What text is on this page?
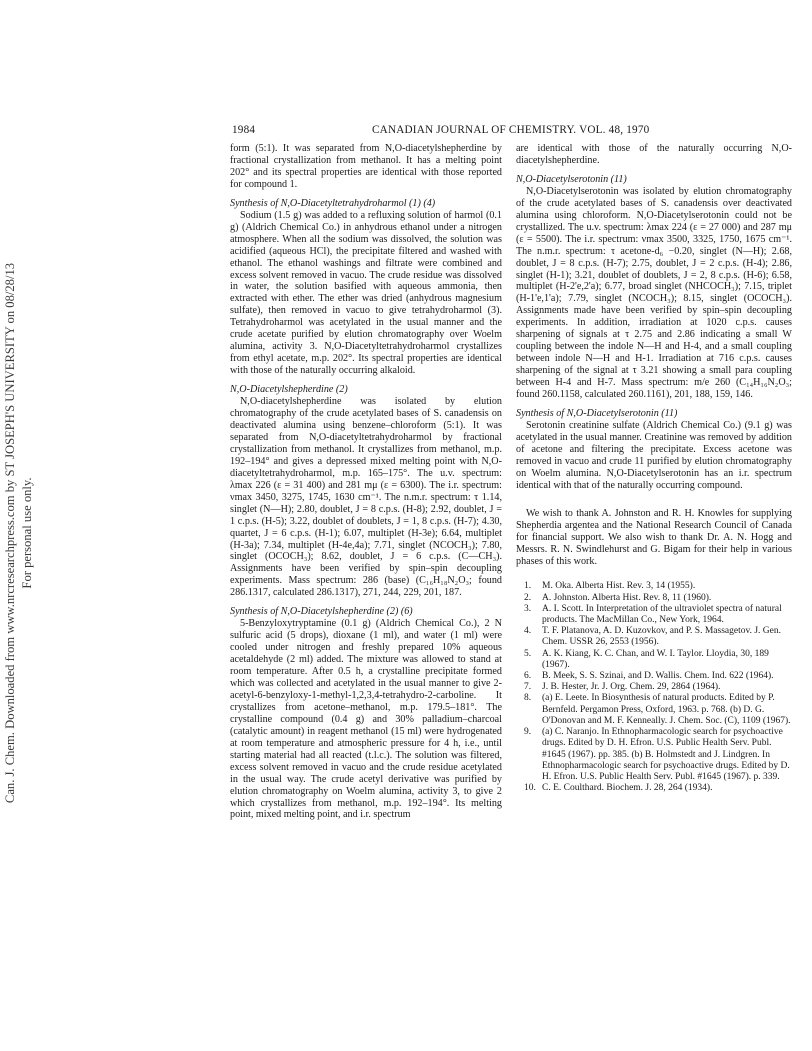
Can. J. Chem. Downloaded from www.nrcresearchpress.com by ST JOSEPH'S UNIVERSITY on 08/28/13 For personal use only.
1984	CANADIAN JOURNAL OF CHEMISTRY. VOL. 48, 1970

form (5:1). It was separated from N,O-diacetylshepherdine by fractional crystallization from methanol. It has a melting point 202° and its spectral properties are identical with those reported for compound 1.

Synthesis of N,O-Diacetyltetrahydroharmol (1) (4)

Sodium (1.5 g) was added to a refluxing solution of harmol (0.1 g) (Aldrich Chemical Co.) in anhydrous ethanol under a nitrogen atmosphere. When all the sodium was dissolved, the solution was acidified (aqueous HCl), the precipitate filtered and washed with ethanol. The ethanol washings and filtrate were combined and excess solvent removed in vacuo. The crude residue was dissolved in water, the solution basified with aqueous ammonia, then extracted with ether. The ether was dried (anhydrous magnesium sulfate), then removed in vacuo to give tetrahydroharmol (3). Tetrahydroharmol was acetylated in the usual manner and the crude acetate purified by elution chromatography over Woelm alumina, activity 3. N,O-Diacetyltetrahydroharmol crystallizes from ethyl acetate, m.p. 202°. Its spectral properties are identical with those of the naturally occurring alkaloid.

N,O-Diacetylshepherdine (2)

N,O-diacetylshepherdine was isolated by elution chromatography of the crude acetylated bases of S. canadensis on deactivated alumina using benzene–chloroform (5:1). It was separated from N,O-diacetyltetrahydroharmol by fractional crystallization from methanol. It crystallizes from methanol, m.p. 192–194° and gives a depressed mixed melting point with N,O-diacetyltetrahydroharmol, m.p. 165–175°. The u.v. spectrum: λmax 226 (ε = 31 400) and 281 mμ (ε = 6300). The i.r. spectrum: νmax 3450, 3275, 1745, 1630 cm⁻¹. The n.m.r. spectrum: τ 1.14, singlet (N—H); 2.80, doublet, J = 8 c.p.s. (H-8); 2.92, doublet, J = 1 c.p.s. (H-5); 3.22, doublet of doublets, J = 1, 8 c.p.s. (H-7); 4.30, quartet, J = 6 c.p.s. (H-1); 6.07, multiplet (H-3e); 6.64, multiplet (H-3a); 7.34, multiplet (H-4e,4a); 7.71, singlet (NCOCH₃); 7.80, singlet (OCOCH₃); 8.62, doublet, J = 6 c.p.s. (C—CH₃). Assignments have been verified by spin–spin decoupling experiments. Mass spectrum: 286 (base) (C₁₆H₁₈N₂O₃; found 286.1317, calculated 286.1317), 271, 244, 229, 201, 187.

Synthesis of N,O-Diacetylshepherdine (2) (6)

5-Benzyloxytryptamine (0.1 g) (Aldrich Chemical Co.), 2 N sulfuric acid (5 drops), dioxane (1 ml), and water (1 ml) were cooled under nitrogen and freshly prepared 10% aqueous acetaldehyde (2 ml) added. The mixture was allowed to stand at room temperature. After 0.5 h, a crystalline precipitate formed which was collected and acetylated in the usual manner to give 2-acetyl-6-benzyloxy-1-methyl-1,2,3,4-tetrahydro-2-carboline. It crystallizes from acetone–methanol, m.p. 179.5–181°. The crystalline compound (0.4 g) and 30% palladium–charcoal (catalytic amount) in reagent methanol (15 ml) were hydrogenated at room temperature and atmospheric pressure for 4 h, i.e., until starting material had all reacted (t.l.c.). The solution was filtered, excess solvent removed in vacuo and the crude residue acetylated in the usual way. The crude acetyl derivative was purified by elution chromatography on Woelm alumina, activity 3, to give 2 which crystallizes from methanol, m.p. 192–194°. Its melting point, mixed melting point, and i.r. spectrum

are identical with those of the naturally occurring N,O-diacetylshepherdine.

N,O-Diacetylserotonin (11)

N,O-Diacetylserotonin was isolated by elution chromatography of the crude acetylated bases of S. canadensis over deactivated alumina using chloroform. N,O-Diacetylserotonin could not be crystallized. The u.v. spectrum: λmax 224 (ε = 27 000) and 287 mμ (ε = 5500). The i.r. spectrum: νmax 3500, 3325, 1750, 1675 cm⁻¹. The n.m.r. spectrum: τ acetone-d₆ −0.20, singlet (N—H); 2.68, doublet, J = 8 c.p.s. (H-7); 2.75, doublet, J = 2 c.p.s. (H-4); 2.86, singlet (H-1); 3.21, doublet of doublets, J = 2, 8 c.p.s. (H-6); 6.58, multiplet (H-2'e,2'a); 6.77, broad singlet (NHCOCH₃); 7.15, triplet (H-1'e,1'a); 7.79, singlet (NCOCH₃); 8.15, singlet (OCOCH₃). Assignments made have been verified by spin–spin decoupling experiments. In addition, irradiation at 1020 c.p.s. causes sharpening of signals at τ 2.75 and 2.86 indicating a small W coupling between the indole N—H and H-4, and a small coupling between indole N—H and H-1. Irradiation at 716 c.p.s. causes sharpening of the signal at τ 3.21 showing a small para coupling between H-4 and H-7. Mass spectrum: m/e 260 (C₁₄H₁₆N₂O₃; found 260.1158, calculated 260.1161), 201, 188, 159, 146.

Synthesis of N,O-Diacetylserotonin (11)

Serotonin creatinine sulfate (Aldrich Chemical Co.) (9.1 g) was acetylated in the usual manner. Creatinine was removed by addition of acetone and filtering the precipitate. Excess acetone was removed in vacuo and crude 11 purified by elution chromatography on Woelm alumina. N,O-Diacetylserotonin has an i.r. spectrum identical with that of the naturally occurring compound.

We wish to thank A. Johnston and R. H. Knowles for supplying Shepherdia argentea and the National Research Council of Canada for financial support. We also wish to thank Dr. A. N. Hogg and Messrs. R. N. Swindlehurst and G. Bigam for their help in various phases of this work.

1. M. Oka. Alberta Hist. Rev. 3, 14 (1955).
2. A. Johnston. Alberta Hist. Rev. 8, 11 (1960).
3. A. I. Scott. In Interpretation of the ultraviolet spectra of natural products. The MacMillan Co., New York, 1964.
4. T. F. Platanova, A. D. Kuzovkov, and P. S. Massagetov. J. Gen. Chem. USSR 26, 2553 (1956).
5. A. K. Kiang, K. C. Chan, and W. I. Taylor. Lloydia, 30, 189 (1967).
6. B. Meek, S. S. Szinai, and D. Wallis. Chem. Ind. 622 (1964).
7. J. B. Hester, Jr. J. Org. Chem. 29, 2864 (1964).
8. (a) E. Leete. In Biosynthesis of natural products. Edited by P. Bernfeld. Pergamon Press, Oxford, 1963. p. 768. (b) D. G. O'Donovan and M. F. Kenneally. J. Chem. Soc. (C), 1109 (1967).
9. (a) C. Naranjo. In Ethnopharmacologic search for psychoactive drugs. Edited by D. H. Efron. U.S. Public Health Serv. Publ. #1645 (1967). pp. 385. (b) B. Holmstedt and J. Lindgren. In Ethnopharmacologic search for psychoactive drugs. Edited by D. H. Efron. U.S. Public Health Serv. Publ. #1645 (1967). p. 339.
10. C. E. Coulthard. Biochem. J. 28, 264 (1934).
